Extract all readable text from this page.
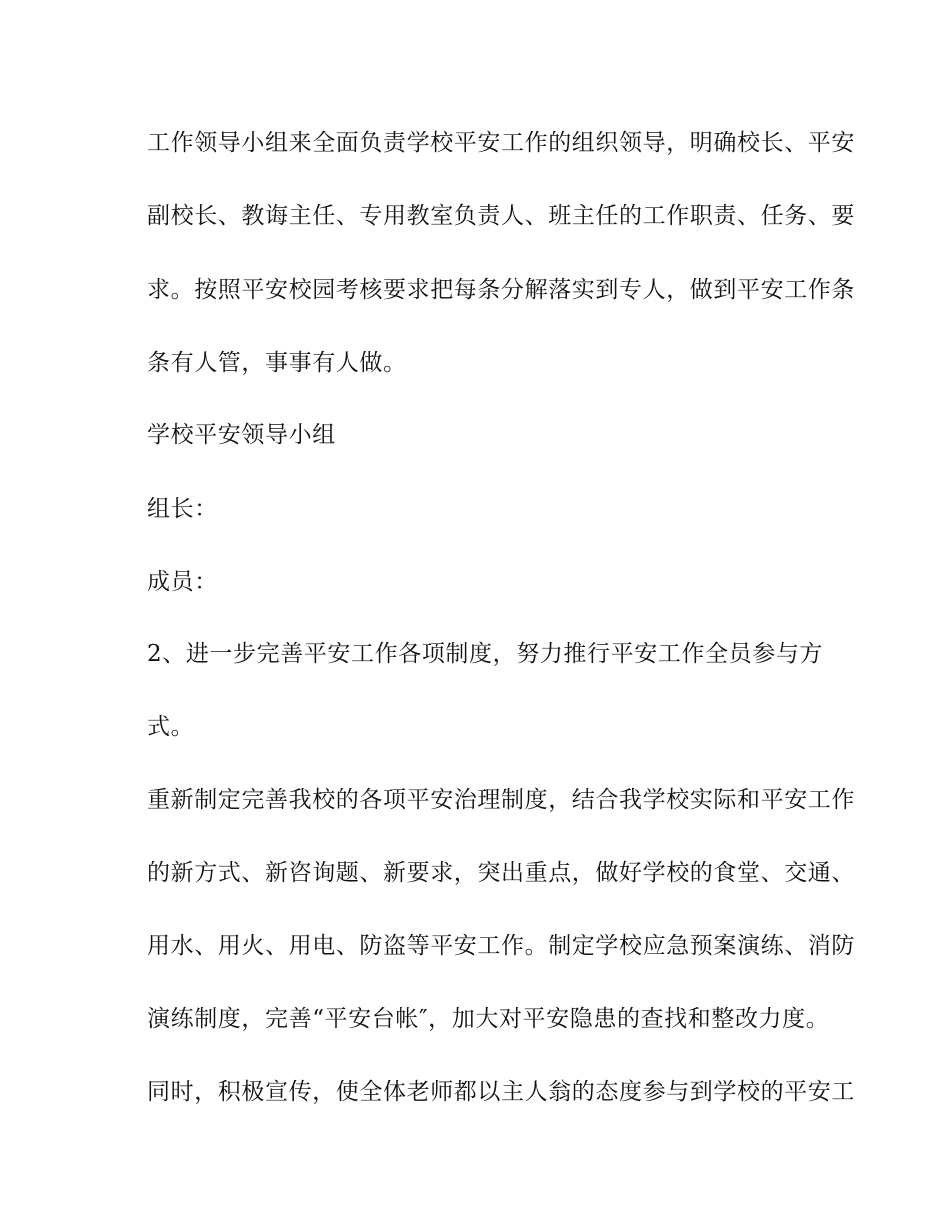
工作领导小组来全面负责学校平安工作的组织领导，明确校长、平安

副校长、教诲主任、专用教室负责人、班主任的工作职责、任务、要

求。按照平安校园考核要求把每条分解落实到专人，做到平安工作条

条有人管，事事有人做。

学校平安领导小组

组长：

成员：

2、进一步完善平安工作各项制度，努力推行平安工作全员参与方

式。

重新制定完善我校的各项平安治理制度，结合我学校实际和平安工作

的新方式、新咨询题、新要求，突出重点，做好学校的食堂、交通、

用水、用火、用电、防盗等平安工作。制定学校应急预案演练、消防

演练制度，完善“平安台帐″，加大对平安隐患的查找和整改力度。

同时，积极宣传，使全体老师都以主人翁的态度参与到学校的平安工
